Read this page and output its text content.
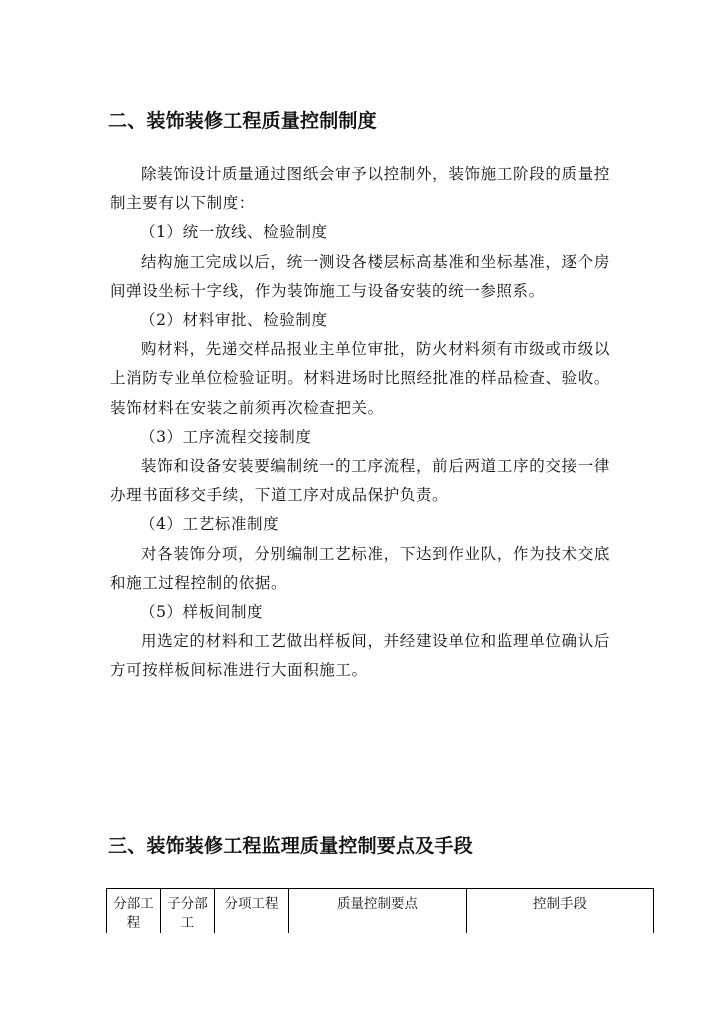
二、装饰装修工程质量控制制度

除装饰设计质量通过图纸会审予以控制外，装饰施工阶段的质量控制主要有以下制度：

（1）统一放线、检验制度

结构施工完成以后，统一测设各楼层标高基准和坐标基准，逐个房间弹设坐标十字线，作为装饰施工与设备安装的统一参照系。

（2）材料审批、检验制度

购材料，先递交样品报业主单位审批，防火材料须有市级或市级以上消防专业单位检验证明。材料进场时比照经批准的样品检查、验收。装饰材料在安装之前须再次检查把关。

（3）工序流程交接制度

装饰和设备安装要编制统一的工序流程，前后两道工序的交接一律办理书面移交手续，下道工序对成品保护负责。

（4）工艺标准制度

对各装饰分项，分别编制工艺标准，下达到作业队，作为技术交底和施工过程控制的依据。

（5）样板间制度

用选定的材料和工艺做出样板间，并经建设单位和监理单位确认后方可按样板间标准进行大面积施工。

三、装饰装修工程监理质量控制要点及手段
分部工程	子分部工	分项工程	质量控制要点	控制手段
